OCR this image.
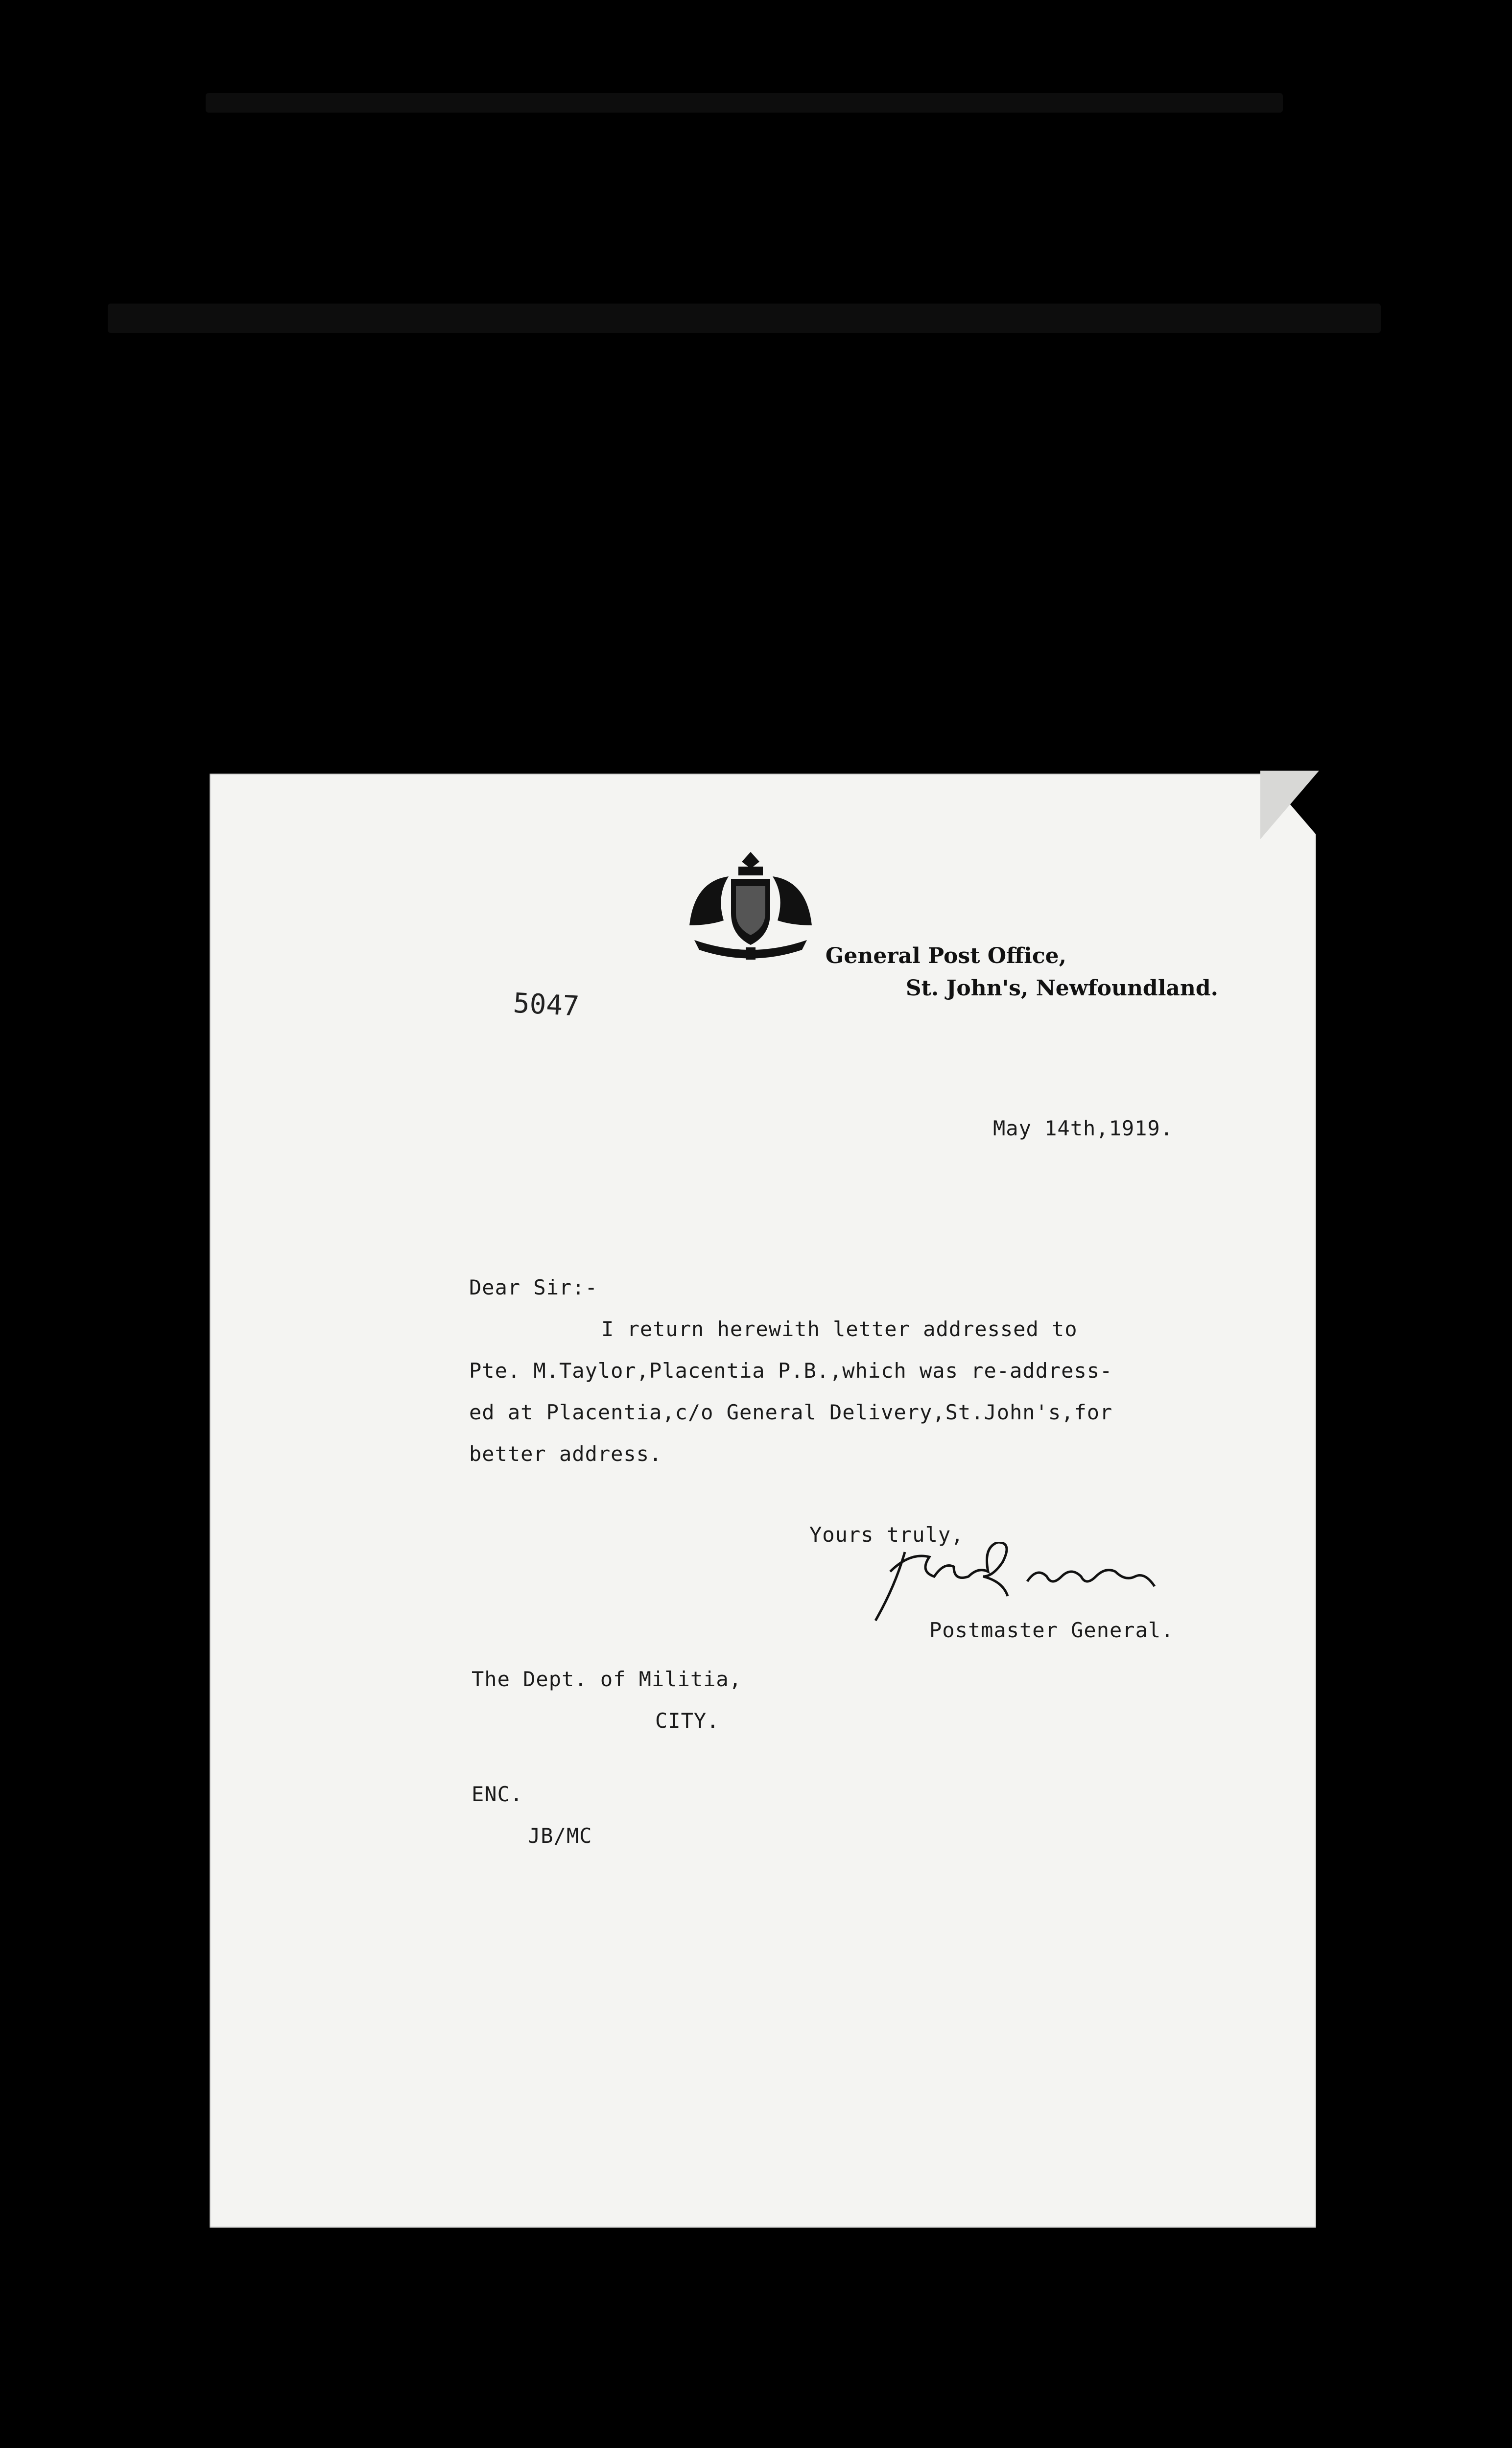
General Post Office,
St. John's, Newfoundland.
5047
May 14th,1919.
Dear Sir:-
I return herewith letter addressed to
Pte. M.Taylor,Placentia P.B.,which was re-address-
ed at Placentia,c/o General Delivery,St.John's,for
better address.
Yours truly,
Postmaster General.
The Dept. of Militia,
CITY.
ENC.
JB/MC
